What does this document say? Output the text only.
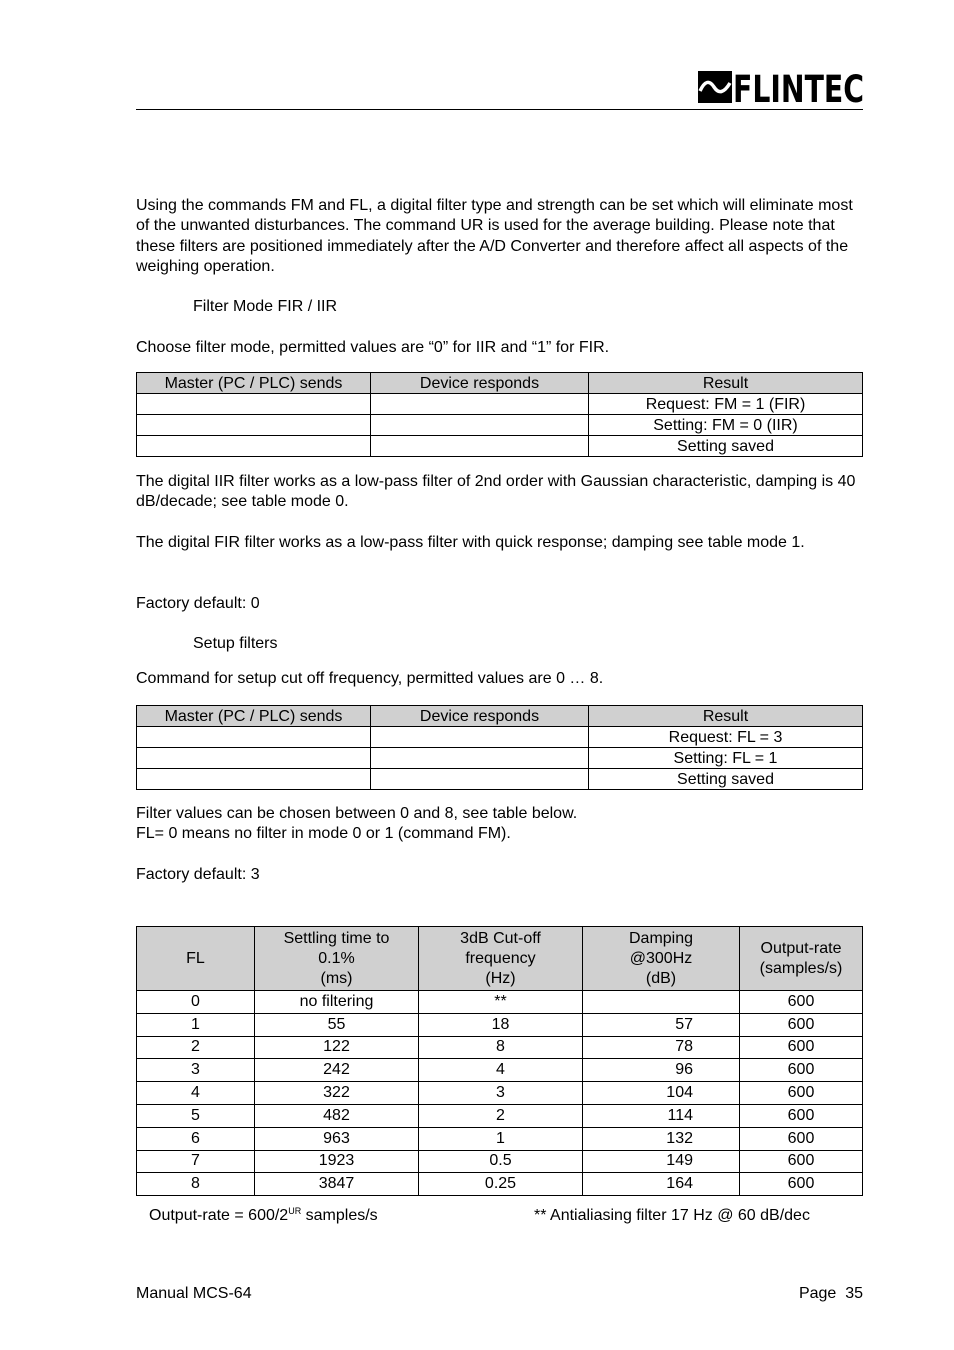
FLINTEC

Using the commands FM and FL, a digital filter type and strength can be set which will eliminate most of the unwanted disturbances. The command UR is used for the average building. Please note that these filters are positioned immediately after the A/D Converter and therefore affect all aspects of the weighing operation.

Filter Mode FIR / IIR

Choose filter mode, permitted values are “0” for IIR and “1” for FIR.

Master (PC / PLC) sends	Device responds	Result
		Request: FM = 1 (FIR)
		Setting: FM = 0 (IIR)
		Setting saved

The digital IIR filter works as a low-pass filter of 2nd order with Gaussian characteristic, damping is 40 dB/decade; see table mode 0.

The digital FIR filter works as a low-pass filter with quick response; damping see table mode 1.

Factory default: 0

Setup filters

Command for setup cut off frequency, permitted values are 0 … 8.

Master (PC / PLC) sends	Device responds	Result
		Request: FL = 3
		Setting: FL = 1
		Setting saved

Filter values can be chosen between 0 and 8, see table below.

FL= 0 means no filter in mode 0 or 1 (command FM).

Factory default: 3

FL	Settling time to
0.1%
(ms)	3dB Cut-off
frequency
(Hz)	Damping
@300Hz
(dB)	Output-rate
(samples/s)
0	no filtering	**		600
1	55	18	57	600
2	122	8	78	600
3	242	4	96	600
4	322	3	104	600
5	482	2	114	600
6	963	1	132	600
7	1923	0.5	149	600
8	3847	0.25	164	600
Output-rate = $600/2^{UR}$ samples/s	** Antialiasing filter 17 Hz @ 60 dB/dec
Manual MCS-64	Page  35
